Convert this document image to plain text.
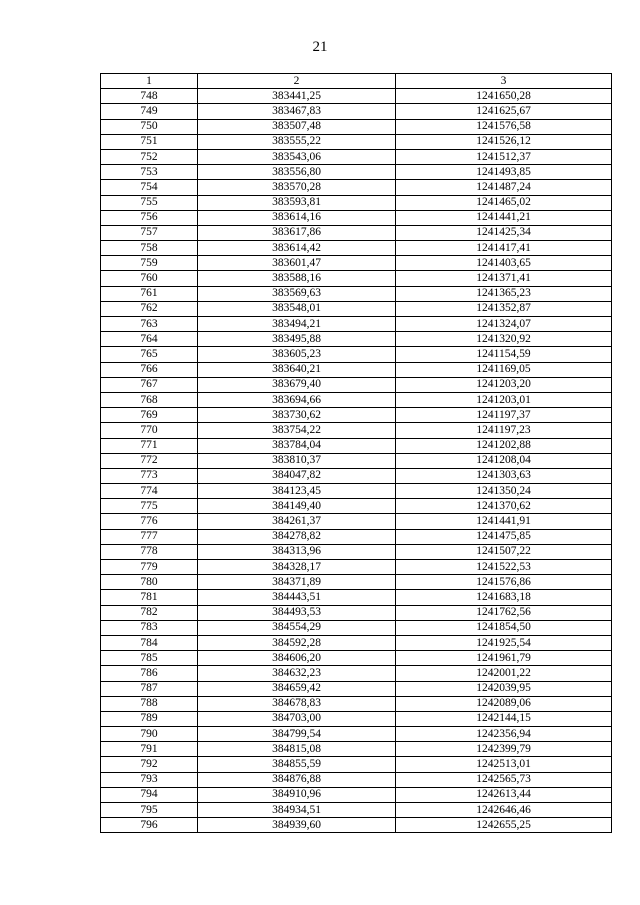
21
1	2	3
748	383441,25	1241650,28
749	383467,83	1241625,67
750	383507,48	1241576,58
751	383555,22	1241526,12
752	383543,06	1241512,37
753	383556,80	1241493,85
754	383570,28	1241487,24
755	383593,81	1241465,02
756	383614,16	1241441,21
757	383617,86	1241425,34
758	383614,42	1241417,41
759	383601,47	1241403,65
760	383588,16	1241371,41
761	383569,63	1241365,23
762	383548,01	1241352,87
763	383494,21	1241324,07
764	383495,88	1241320,92
765	383605,23	1241154,59
766	383640,21	1241169,05
767	383679,40	1241203,20
768	383694,66	1241203,01
769	383730,62	1241197,37
770	383754,22	1241197,23
771	383784,04	1241202,88
772	383810,37	1241208,04
773	384047,82	1241303,63
774	384123,45	1241350,24
775	384149,40	1241370,62
776	384261,37	1241441,91
777	384278,82	1241475,85
778	384313,96	1241507,22
779	384328,17	1241522,53
780	384371,89	1241576,86
781	384443,51	1241683,18
782	384493,53	1241762,56
783	384554,29	1241854,50
784	384592,28	1241925,54
785	384606,20	1241961,79
786	384632,23	1242001,22
787	384659,42	1242039,95
788	384678,83	1242089,06
789	384703,00	1242144,15
790	384799,54	1242356,94
791	384815,08	1242399,79
792	384855,59	1242513,01
793	384876,88	1242565,73
794	384910,96	1242613,44
795	384934,51	1242646,46
796	384939,60	1242655,25
